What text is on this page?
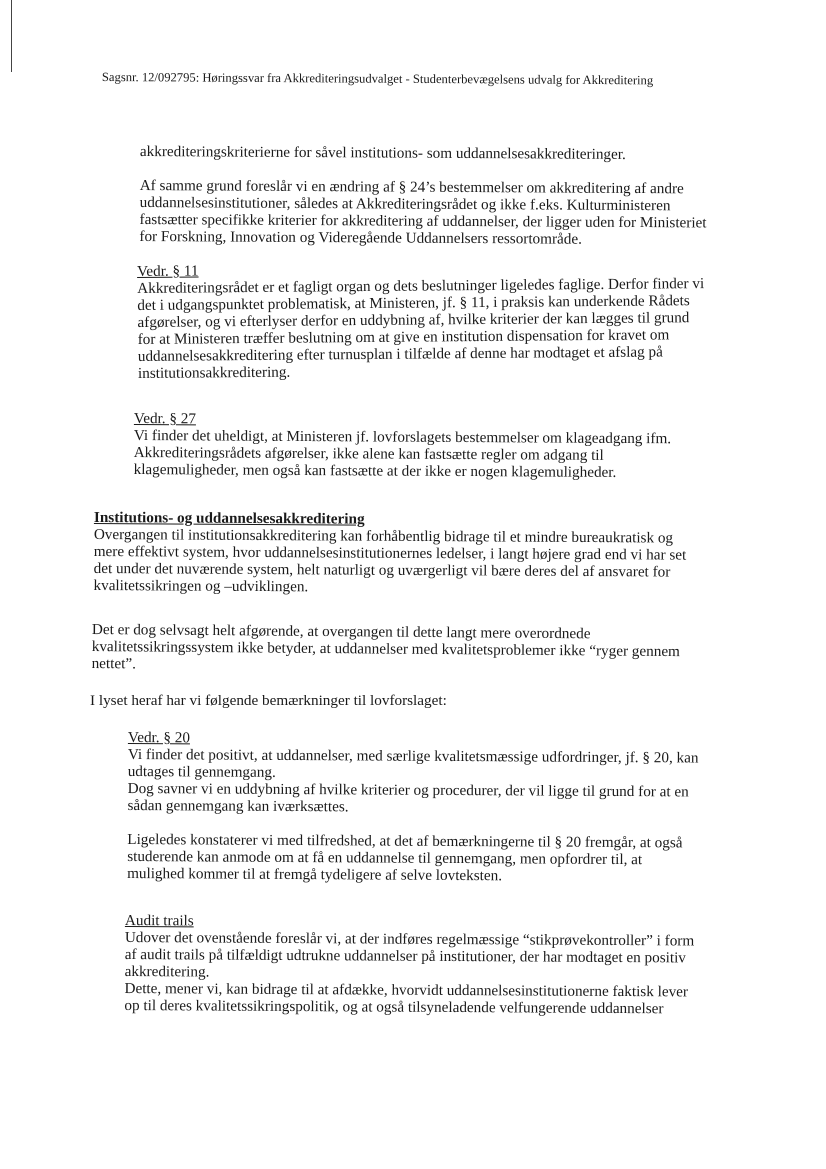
Sagsnr. 12/092795: Høringssvar fra Akkrediteringsudvalget - Studenterbevægelsens udvalg for Akkreditering

akkrediteringskriterierne for såvel institutions- som uddannelsesakkrediteringer.

Af samme grund foreslår vi en ændring af § 24’s bestemmelser om akkreditering af andre

uddannelsesinstitutioner, således at Akkrediteringsrådet og ikke f.eks. Kulturministeren

fastsætter specifikke kriterier for akkreditering af uddannelser, der ligger uden for Ministeriet

for Forskning, Innovation og Videregående Uddannelsers ressortområde.

Vedr. § 11

Akkrediteringsrådet er et fagligt organ og dets beslutninger ligeledes faglige. Derfor finder vi

det i udgangspunktet problematisk, at Ministeren, jf. § 11, i praksis kan underkende Rådets

afgørelser, og vi efterlyser derfor en uddybning af, hvilke kriterier der kan lægges til grund

for at Ministeren træffer beslutning om at give en institution dispensation for kravet om

uddannelsesakkreditering efter turnusplan i tilfælde af denne har modtaget et afslag på

institutionsakkreditering.

Vedr. § 27

Vi finder det uheldigt, at Ministeren jf. lovforslagets bestemmelser om klageadgang ifm.

Akkrediteringsrådets afgørelser, ikke alene kan fastsætte regler om adgang til

klagemuligheder, men også kan fastsætte at der ikke er nogen klagemuligheder.

Institutions- og uddannelsesakkreditering

Overgangen til institutionsakkreditering kan forhåbentlig bidrage til et mindre bureaukratisk og

mere effektivt system, hvor uddannelsesinstitutionernes ledelser, i langt højere grad end vi har set

det under det nuværende system, helt naturligt og uværgerligt vil bære deres del af ansvaret for

kvalitetssikringen og –udviklingen.

Det er dog selvsagt helt afgørende, at overgangen til dette langt mere overordnede

kvalitetssikringssystem ikke betyder, at uddannelser med kvalitetsproblemer ikke “ryger gennem

nettet”.

I lyset heraf har vi følgende bemærkninger til lovforslaget:

Vedr. § 20

Vi finder det positivt, at uddannelser, med særlige kvalitetsmæssige udfordringer, jf. § 20, kan

udtages til gennemgang.

Dog savner vi en uddybning af hvilke kriterier og procedurer, der vil ligge til grund for at en

sådan gennemgang kan iværksættes.

Ligeledes konstaterer vi med tilfredshed, at det af bemærkningerne til § 20 fremgår, at også

studerende kan anmode om at få en uddannelse til gennemgang, men opfordrer til, at

mulighed kommer til at fremgå tydeligere af selve lovteksten.

Audit trails

Udover det ovenstående foreslår vi, at der indføres regelmæssige “stikprøvekontroller” i form

af audit trails på tilfældigt udtrukne uddannelser på institutioner, der har modtaget en positiv

akkreditering.

Dette, mener vi, kan bidrage til at afdække, hvorvidt uddannelsesinstitutionerne faktisk lever

op til deres kvalitetssikringspolitik, og at også tilsyneladende velfungerende uddannelser
